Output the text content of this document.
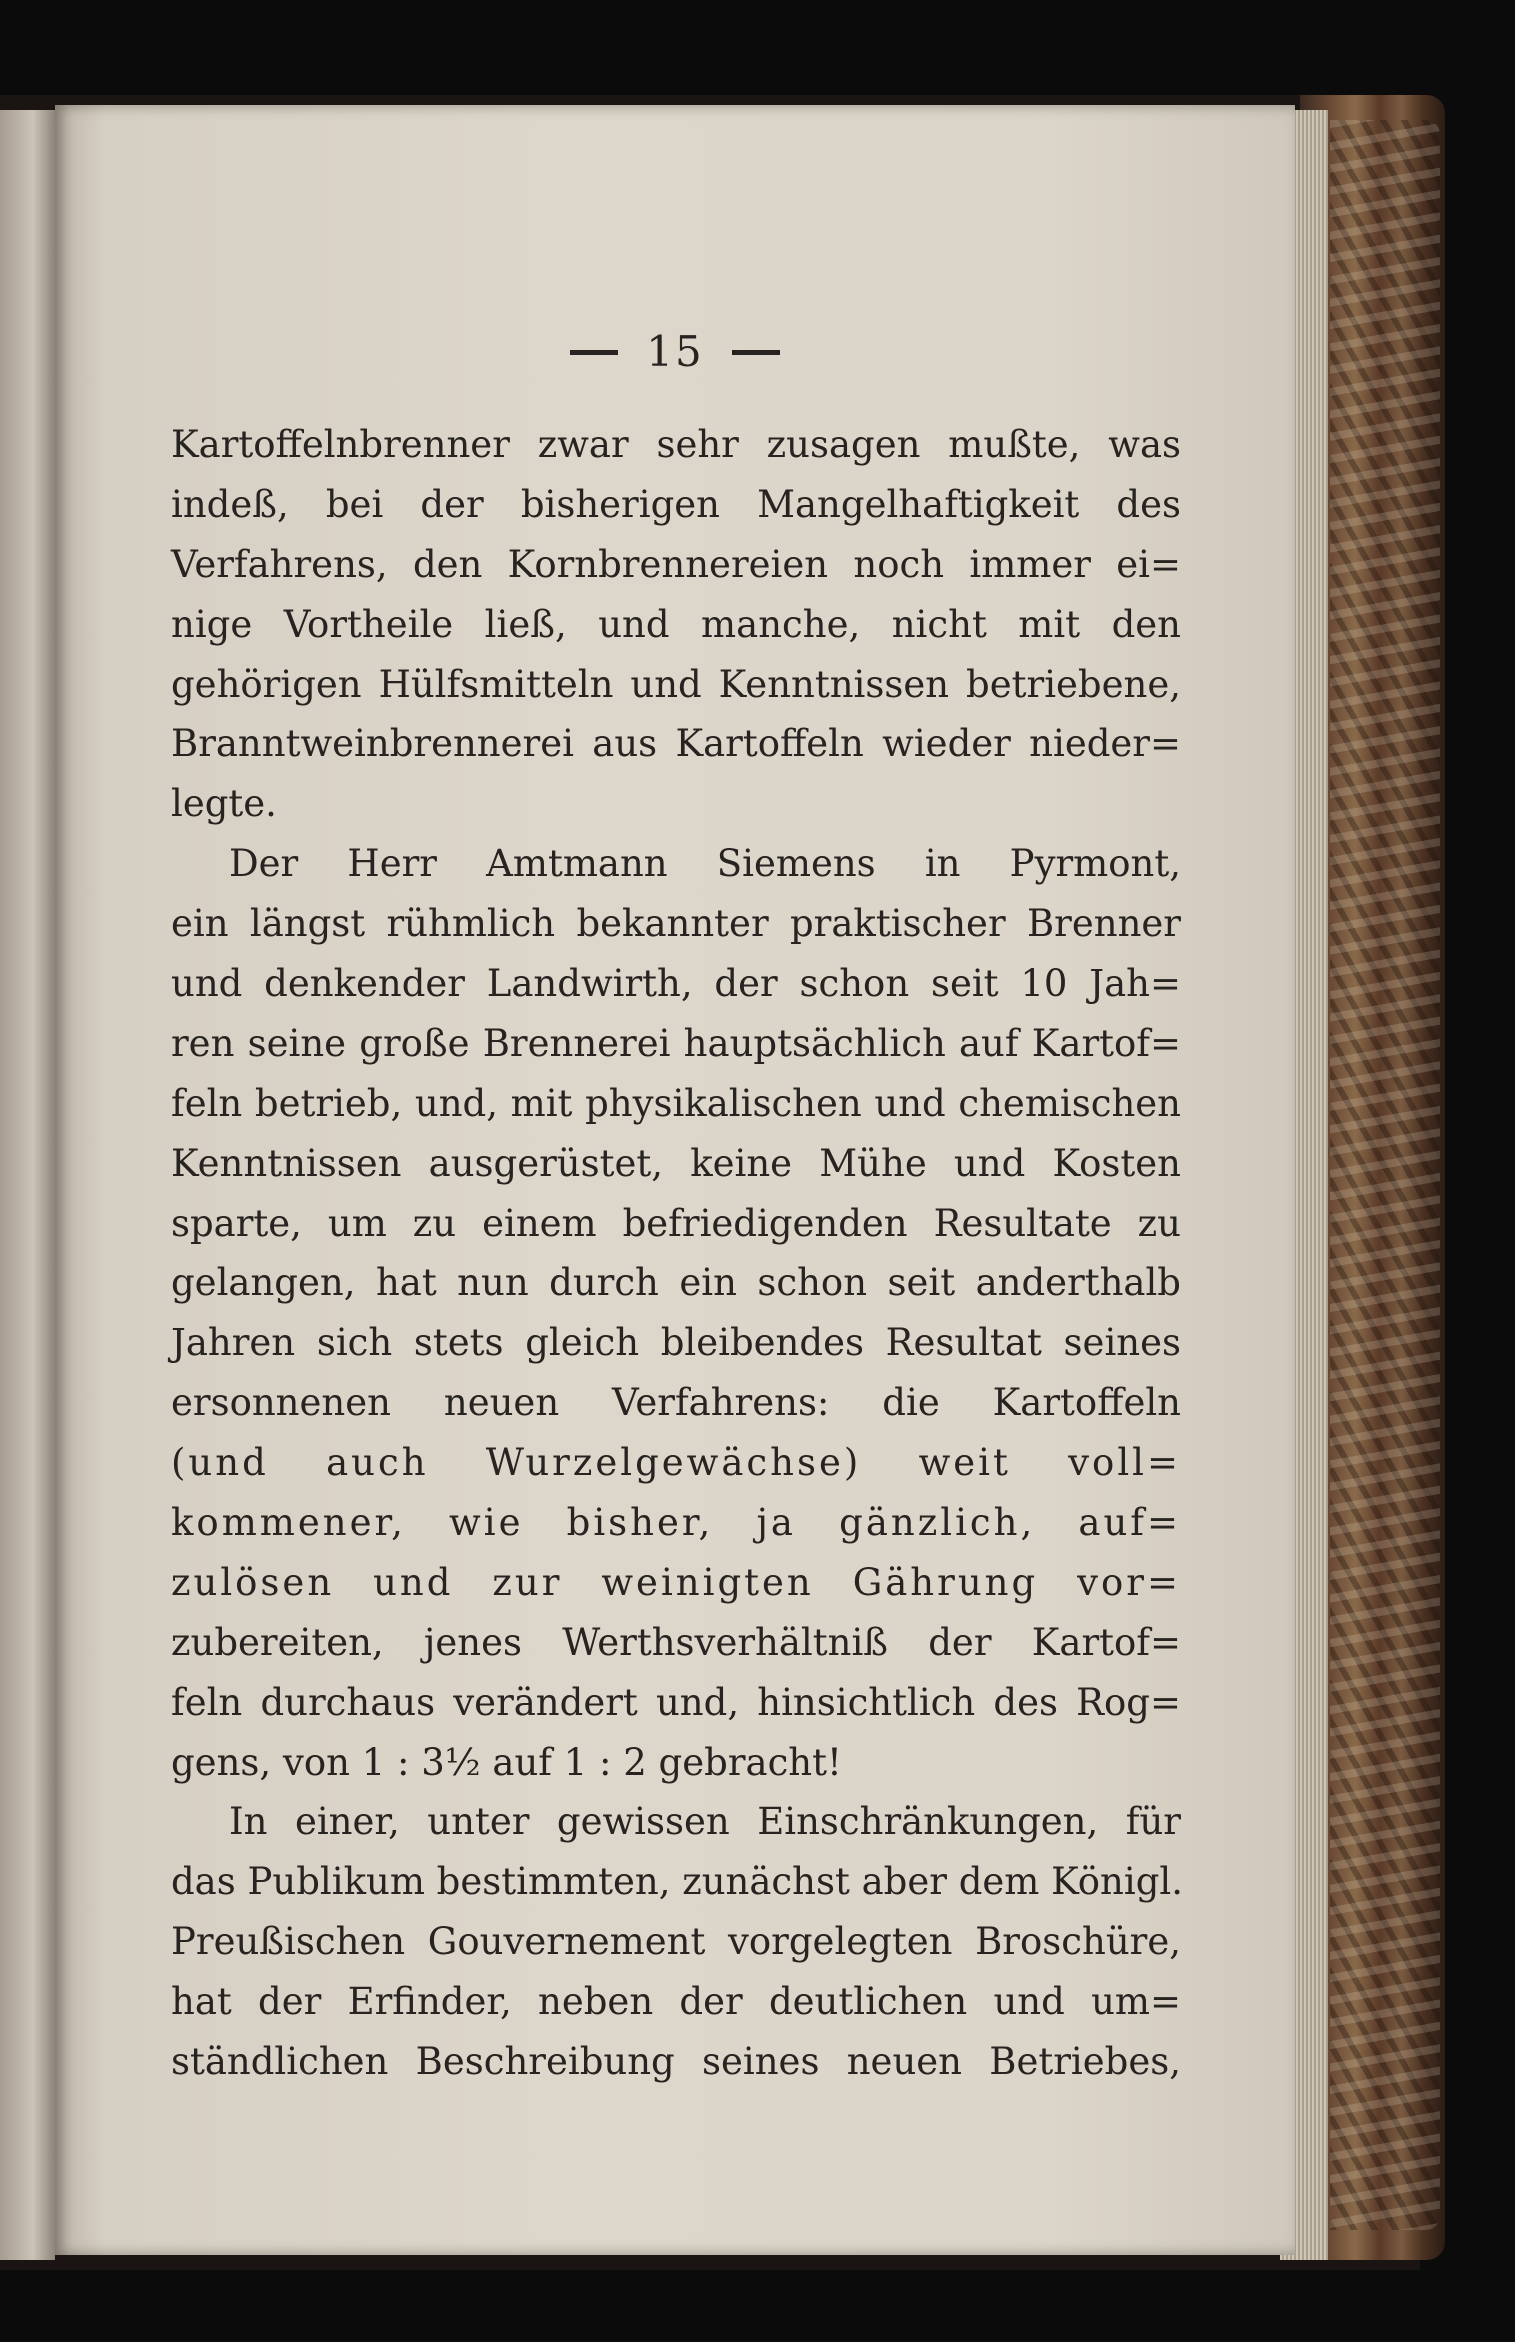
15
Kartoffelnbrenner zwar sehr zusagen mußte, was
indeß, bei der bisherigen Mangelhaftigkeit des
Verfahrens, den Kornbrennereien noch immer ei=
nige Vortheile ließ, und manche, nicht mit den
gehörigen Hülfsmitteln und Kenntnissen betriebene,
Branntweinbrennerei aus Kartoffeln wieder nieder=
legte.
Der Herr Amtmann Siemens in Pyrmont,
ein längst rühmlich bekannter praktischer Brenner
und denkender Landwirth, der schon seit 10 Jah=
ren seine große Brennerei hauptsächlich auf Kartof=
feln betrieb, und, mit physikalischen und chemischen
Kenntnissen ausgerüstet, keine Mühe und Kosten
sparte, um zu einem befriedigenden Resultate zu
gelangen, hat nun durch ein schon seit anderthalb
Jahren sich stets gleich bleibendes Resultat seines
ersonnenen neuen Verfahrens: die Kartoffeln
(und auch Wurzelgewächse) weit voll=
kommener, wie bisher, ja gänzlich, auf=
zulösen und zur weinigten Gährung vor=
zubereiten, jenes Werthsverhältniß der Kartof=
feln durchaus verändert und, hinsichtlich des Rog=
gens, von 1 : 3½ auf 1 : 2 gebracht!
In einer, unter gewissen Einschränkungen, für
das Publikum bestimmten, zunächst aber dem Königl.
Preußischen Gouvernement vorgelegten Broschüre,
hat der Erfinder, neben der deutlichen und um=
ständlichen Beschreibung seines neuen Betriebes,
